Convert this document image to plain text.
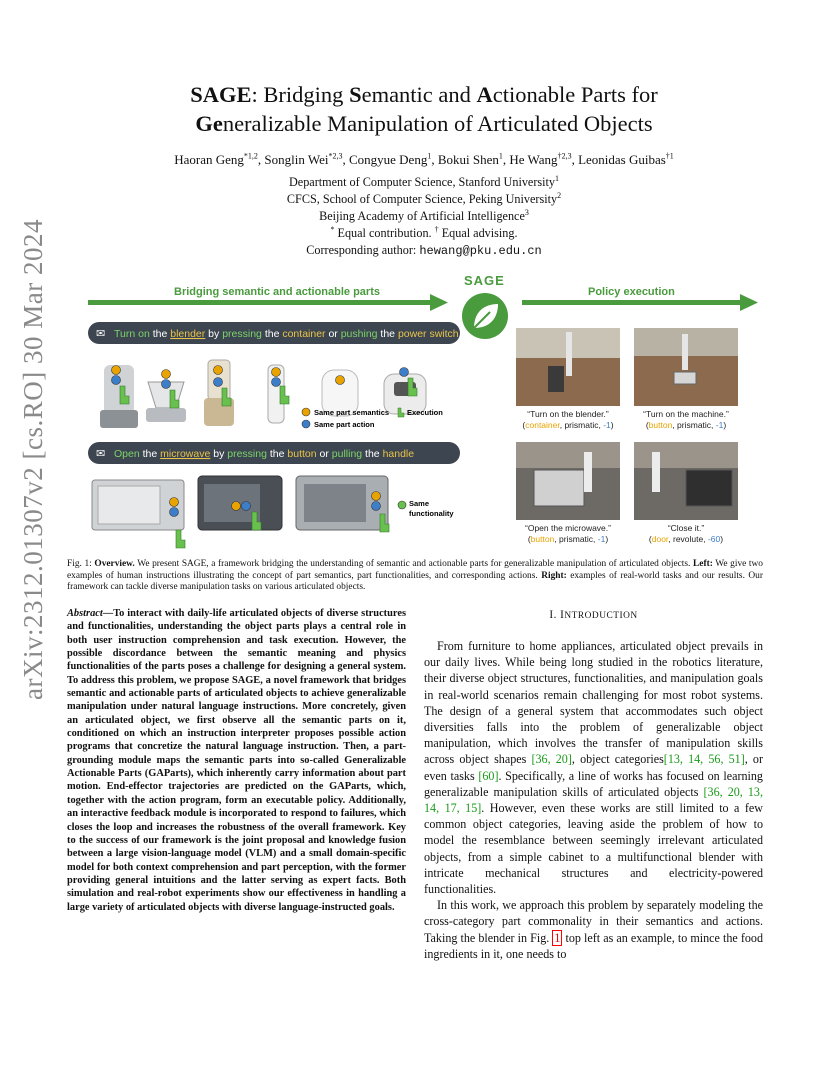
arXiv:2312.01307v2 [cs.RO] 30 Mar 2024
SAGE: Bridging Semantic and Actionable Parts for
Generalizable Manipulation of Articulated Objects
Haoran Geng$^{*1,2}$, Songlin Wei$^{*2,3}$, Congyue Deng$^1$, Bokui Shen$^1$, He Wang$^{\dagger 2,3}$, Leonidas Guibas$^{\dagger 1}$
Department of Computer Science, Stanford University$^1$
CFCS, School of Computer Science, Peking University$^2$
Beijing Academy of Artificial Intelligence$^3$
* Equal contribution. † Equal advising.
Corresponding author: hewang@pku.edu.cn
Bridging semantic and actionable parts	Policy execution
SAGE
✉ Turn on the blender by pressing the container or pushing the power switch
Same part semantics Execution
Same part action
✉ Open the microwave by pressing the button or pulling the handle
Same
functionality
“Turn on the blender.”
(container, prismatic, -1)
“Turn on the machine.”
(button, prismatic, -1)
“Open the microwave.”
(button, prismatic, -1)
“Close it.”
(door, revolute, -60)
Fig. 1: Overview. We present SAGE, a framework bridging the understanding of semantic and actionable parts for generalizable manipulation of articulated objects. Left: We give two examples of human instructions illustrating the concept of part semantics, part functionalities, and corresponding actions. Right: examples of real-world tasks and our results. Our framework can tackle diverse manipulation tasks on various articulated objects.
Abstract—To interact with daily-life articulated objects of diverse structures and functionalities, understanding the object parts plays a central role in both user instruction comprehension and task execution. However, the possible discordance between the semantic meaning and physics functionalities of the parts poses a challenge for designing a general system. To address this problem, we propose SAGE, a novel framework that bridges semantic and actionable parts of articulated objects to achieve generalizable manipulation under natural language instructions. More concretely, given an articulated object, we first observe all the semantic parts on it, conditioned on which an instruction interpreter proposes possible action programs that concretize the natural language instruction. Then, a part-grounding module maps the semantic parts into so-called Generalizable Actionable Parts (GAParts), which inherently carry information about part motion. End-effector trajectories are predicted on the GAParts, which, together with the action program, form an executable policy. Additionally, an interactive feedback module is incorporated to respond to failures, which closes the loop and increases the robustness of the overall framework. Key to the success of our framework is the joint proposal and knowledge fusion between a large vision-language model (VLM) and a small domain-specific model for both context comprehension and part perception, with the former providing general intuitions and the latter serving as expert facts. Both simulation and real-robot experiments show our effectiveness in handling a large variety of articulated objects with diverse language-instructed goals.
I. INTRODUCTION

From furniture to home appliances, articulated object prevails in our daily lives. While being long studied in the robotics literature, their diverse object structures, functionalities, and manipulation goals in real-world scenarios remain challenging for most robot systems. The design of a general system that accommodates such object diversities falls into the problem of generalizable object manipulation, which involves the transfer of manipulation skills across object shapes [36, 20], object categories[13, 14, 56, 51], or even tasks [60]. Specifically, a line of works has focused on learning generalizable manipulation skills of articulated objects [36, 20, 13, 14, 17, 15]. However, even these works are still limited to a few common object categories, leaving aside the problem of how to model the resemblance between seemingly irrelevant articulated objects, from a simple cabinet to a multifunctional blender with intricate mechanical structures and electricity-powered functionalities.

In this work, we approach this problem by separately modeling the cross-category part commonality in their semantics and actions. Taking the blender in Fig. 1 top left as an example, to mince the food ingredients in it, one needs to
